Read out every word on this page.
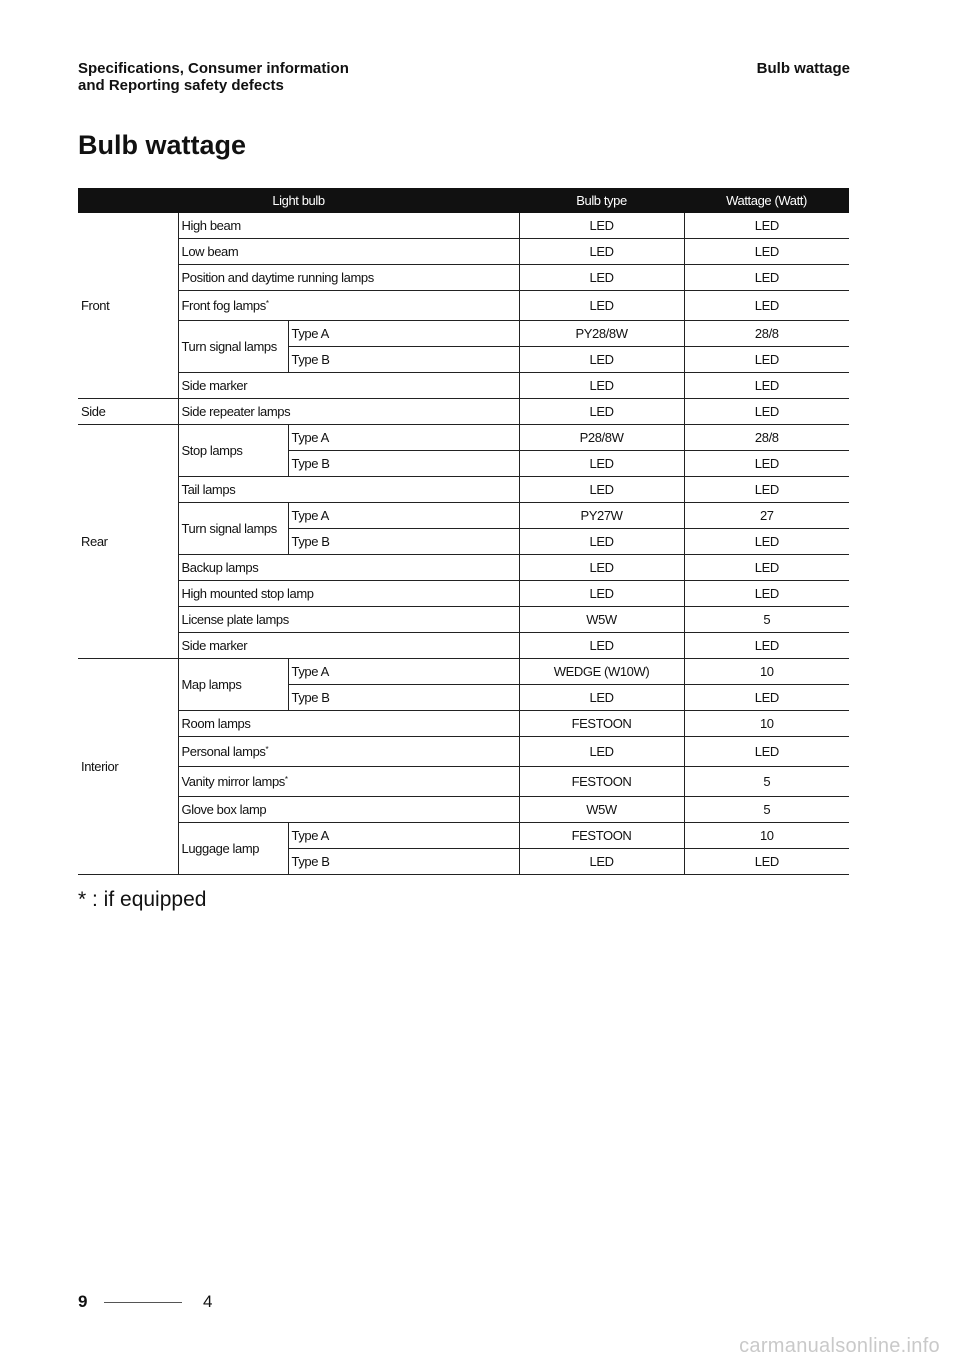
Specifications, Consumer information
and Reporting safety defects
Bulb wattage
Bulb wattage
Light bulb			Bulb type	Wattage (Watt)
Front	High beam		LED	LED
	Low beam		LED	LED
	Position and daytime running lamps		LED	LED
	Front fog lamps*		LED	LED
	Turn signal lamps	Type A	PY28/8W	28/8
		Type B	LED	LED
	Side marker		LED	LED
Side	Side repeater lamps		LED	LED
Rear	Stop lamps	Type A	P28/8W	28/8
		Type B	LED	LED
	Tail lamps		LED	LED
	Turn signal lamps	Type A	PY27W	27
		Type B	LED	LED
	Backup lamps		LED	LED
	High mounted stop lamp		LED	LED
	License plate lamps		W5W	5
	Side marker		LED	LED
Interior	Map lamps	Type A	WEDGE (W10W)	10
		Type B	LED	LED
	Room lamps		FESTOON	10
	Personal lamps*		LED	LED
	Vanity mirror lamps*		FESTOON	5
	Glove box lamp		W5W	5
	Luggage lamp	Type A	FESTOON	10
		Type B	LED	LED
* : if equipped
9	4
carmanualsonline.info
